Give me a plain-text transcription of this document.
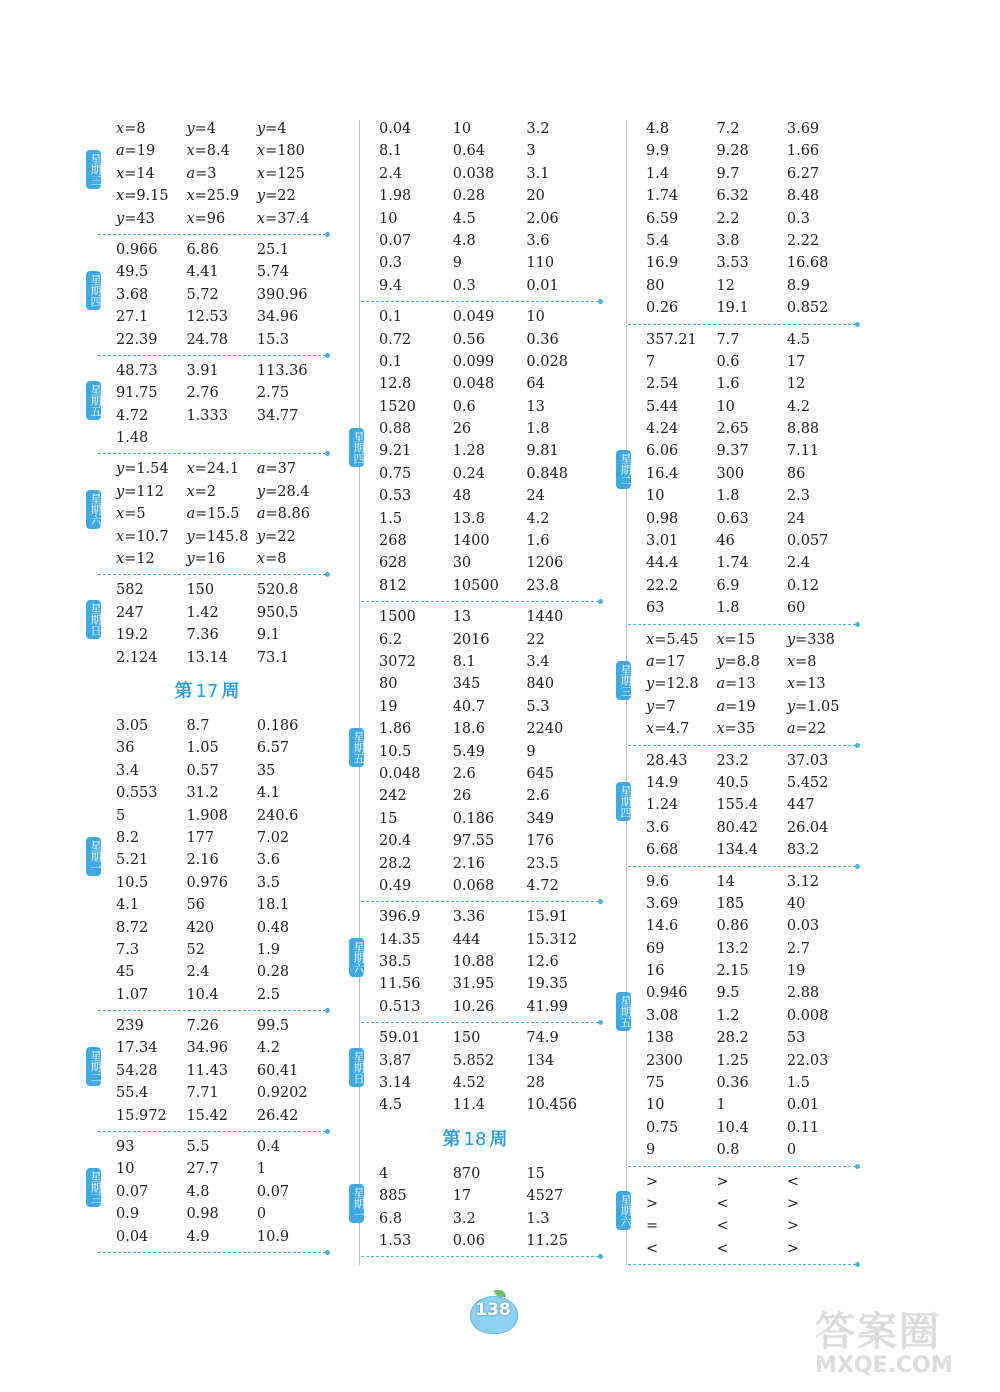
星期三
x=8	y=4	y=4
a=19	x=8.4	x=180
x=14	a=3	x=125
x=9.15	x=25.9	y=22
y=43	x=96	x=37.4
星期四
0.966	6.86	25.1
49.5	4.41	5.74
3.68	5.72	390.96
27.1	12.53	34.96
22.39	24.78	15.3
星期五
48.73	3.91	113.36
91.75	2.76	2.75
4.72	1.333	34.77
1.48
星期六
y=1.54	x=24.1	a=37
y=112	x=2	y=28.4
x=5	a=15.5	a=8.86
x=10.7	y=145.8 y=22
x=12	y=16	x=8
星期日
582	150	520.8
247	1.42	950.5
19.2	7.36	9.1
2.124	13.14	73.1
第 17 周
星期一
3.05	8.7	0.186
36	1.05	6.57
3.4	0.57	35
0.553	31.2	4.1
5	1.908	240.6
8.2	177	7.02
5.21	2.16	3.6
10.5	0.976	3.5
4.1	56	18.1
8.72	420	0.48
7.3	52	1.9
45	2.4	0.28
1.07	10.4	2.5
星期二
239	7.26	99.5
17.34	34.96	4.2
54.28	11.43	60.41
55.4	7.71	0.9202
15.972	15.42	26.42
星期三
93	5.5	0.4
10	27.7	1
0.07	4.8	0.07
0.9	0.98	0
0.04	4.9	10.9
0.04	10	3.2
8.1	0.64	3
2.4	0.038	3.1
1.98	0.28	20
10	4.5	2.06
0.07	4.8	3.6
0.3	9	110
9.4	0.3	0.01
星期四
0.1	0.049	10
0.72	0.56	0.36
0.1	0.099	0.028
12.8	0.048	64
1520	0.6	13
0.88	26	1.8
9.21	1.28	9.81
0.75	0.24	0.848
0.53	48	24
1.5	13.8	4.2
268	1400	1.6
628	30	1206
812	10500	23.8
星期五
1500	13	1440
6.2	2016	22
3072	8.1	3.4
80	345	840
19	40.7	5.3
1.86	18.6	2240
10.5	5.49	9
0.048	2.6	645
242	26	2.6
15	0.186	349
20.4	97.55	176
28.2	2.16	23.5
0.49	0.068	4.72
星期六
396.9	3.36	15.91
14.35	444	15.312
38.5	10.88	12.6
11.56	31.95	19.35
0.513	10.26	41.99
星期日
59.01	150	74.9
3.87	5.852	134
3.14	4.52	28
4.5	11.4	10.456
第 18 周
星期一
4	870	15
885	17	4527
6.8	3.2	1.3
1.53	0.06	11.25
4.8	7.2	3.69
9.9	9.28	1.66
1.4	9.7	6.27
1.74	6.32	8.48
6.59	2.2	0.3
5.4	3.8	2.22
16.9	3.53	16.68
80	12	8.9
0.26	19.1	0.852
星期二
357.21	7.7	4.5
7	0.6	17
2.54	1.6	12
5.44	10	4.2
4.24	2.65	8.88
6.06	9.37	7.11
16.4	300	86
10	1.8	2.3
0.98	0.63	24
3.01	46	0.057
44.4	1.74	2.4
22.2	6.9	0.12
63	1.8	60
星期三
x=5.45	x=15	y=338
a=17	y=8.8	x=8
y=12.8	a=13	x=13
y=7	a=19	y=1.05
x=4.7	x=35	a=22
星期四
28.43	23.2	37.03
14.9	40.5	5.452
1.24	155.4	447
3.6	80.42	26.04
6.68	134.4	83.2
星期五
9.6	14	3.12
3.69	185	40
14.6	0.86	0.03
69	13.2	2.7
16	2.15	19
0.946	9.5	2.88
3.08	1.2	0.008
138	28.2	53
2300	1.25	22.03
75	0.36	1.5
10	1	0.01
0.75	10.4	0.11
9	0.8	0
星期六
>	>	<
>	<	>
=	<	>
<	<	>
138	答案圈
MXQE.COM
